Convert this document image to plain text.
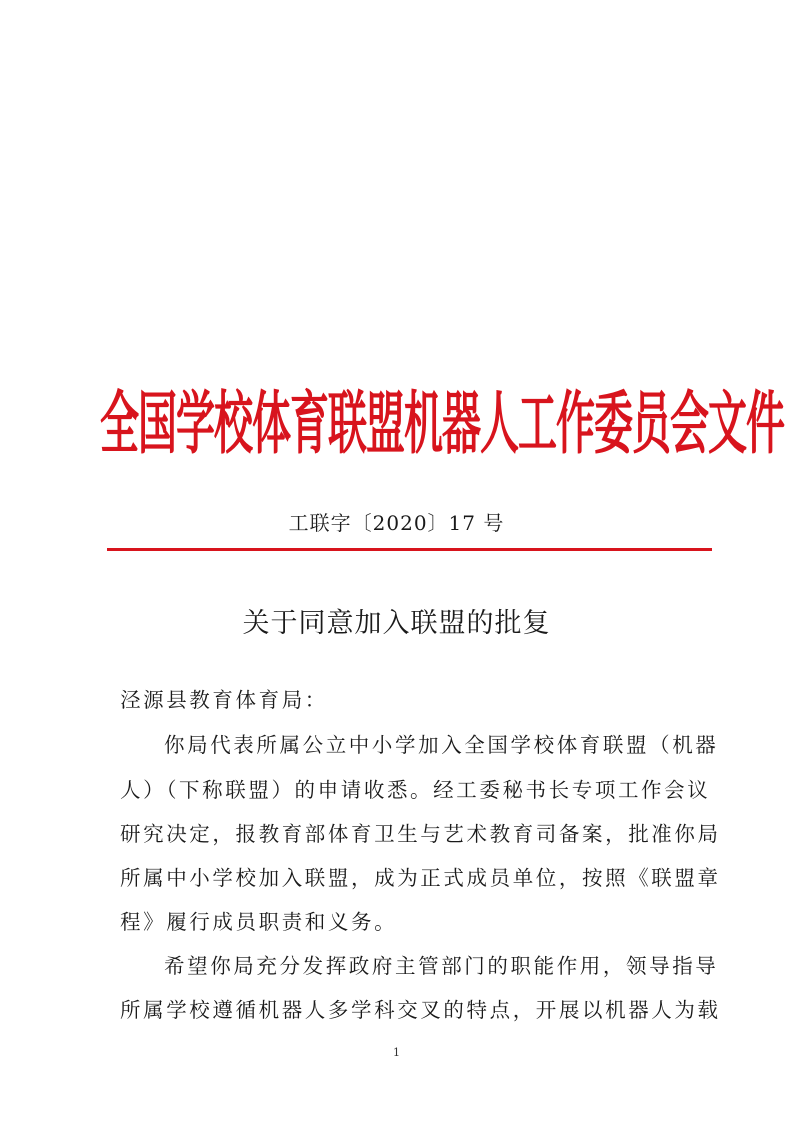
全国学校体育联盟机器人工作委员会文件
工联字〔2020〕17 号
关于同意加入联盟的批复
泾源县教育体育局：
你局代表所属公立中小学加入全国学校体育联盟（机器
人）（下称联盟）的申请收悉。经工委秘书长专项工作会议
研究决定，报教育部体育卫生与艺术教育司备案，批准你局
所属中小学校加入联盟，成为正式成员单位，按照《联盟章
程》履行成员职责和义务。
希望你局充分发挥政府主管部门的职能作用，领导指导
所属学校遵循机器人多学科交叉的特点，开展以机器人为载
1
